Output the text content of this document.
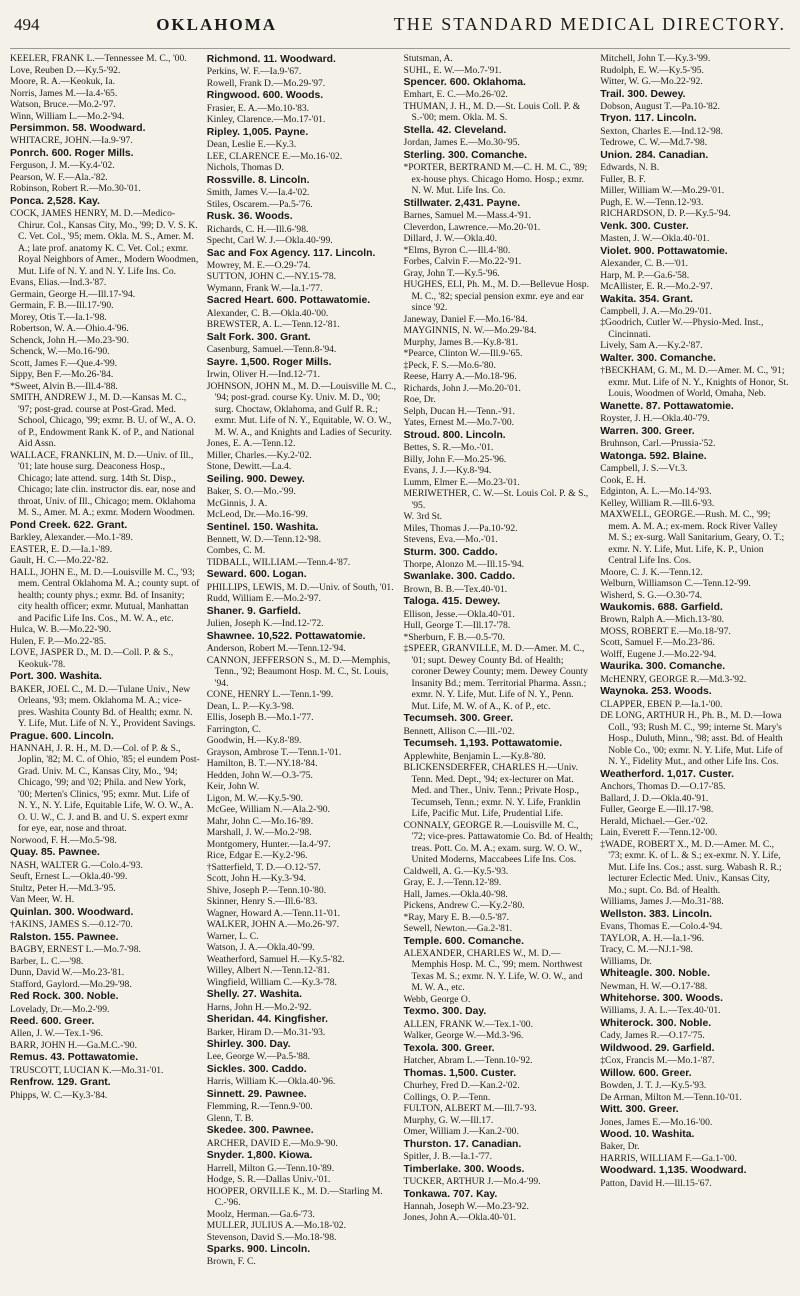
494	OKLAHOMA	THE STANDARD MEDICAL DIRECTORY.

KEELER, FRANK L.—Tennessee M. C., '00.

Love, Reuben D.—Ky.5-'92.

Moore, R. A.—Keokuk, Ia.

Norris, James M.—Ia.4-'65.

Watson, Bruce.—Mo.2-'97.

Winn, William L.—Mo.2-'94.

Persimmon. 58. Woodward.

WHITACRE, JOHN.—Ia.9-'97.

Ponrch. 600. Roger Mills.

Ferguson, J. M.—Ky.4-'02.

Pearson, W. F.—Ala.-'82.

Robinson, Robert R.—Mo.30-'01.

Ponca. 2,528. Kay.

COCK, JAMES HENRY, M. D.—Medico-Chirur. Col., Kansas City, Mo., '99; D. V. S. K. C. Vet. Col., '95; mem. Okla. M. S., Amer. M. A.; late prof. anatomy K. C. Vet. Col.; exmr. Royal Neighbors of Amer., Modern Woodmen, Mut. Life of N. Y. and N. Y. Life Ins. Co.

Evans, Elias.—Ind.3-'87.

Germain, George H.—Ill.17-'94.

Germain, F. B.—Ill.17-'90.

Morey, Otis T.—Ia.1-'98.

Robertson, W. A.—Ohio.4-'96.

Schenck, John H.—Mo.23-'90.

Schenck, W.—Mo.16-'90.

Scott, James F.—Que.4-'99.

Sippy, Ben F.—Mo.26-'84.

*Sweet, Alvin B.—Ill.4-'88.

SMITH, ANDREW J., M. D.—Kansas M. C., '97; post-grad. course at Post-Grad. Med. School, Chicago, '99; exmr. B. U. of W., A. O. of P., Endowment Rank K. of P., and National Aid Assn.

WALLACE, FRANKLIN, M. D.—Univ. of Ill., '01; late house surg. Deaconess Hosp., Chicago; late attend. surg. 14th St. Disp., Chicago; late clin. instructor dis. ear, nose and throat, Univ. of Ill., Chicago; mem. Oklahoma M. S., Amer. M. A.; exmr. Modern Woodmen.

Pond Creek. 622. Grant.

Barkley, Alexander.—Mo.1-'89.

EASTER, E. D.—Ia.1-'89.

Gault, H. C.—Mo.22-'82.

HALL, JOHN E., M. D.—Louisville M. C., '93; mem. Central Oklahoma M. A.; county supt. of health; county phys.; exmr. Bd. of Insanity; city health officer; exmr. Mutual, Manhattan and Pacific Life Ins. Cos., M. W. A., etc.

Hulca, W. B.—Mo.22-'90.

Hulen, F. P.—Mo.22-'85.

LOVE, JASPER D., M. D.—Coll. P. & S., Keokuk-'78.

Port. 300. Washita.

BAKER, JOEL C., M. D.—Tulane Univ., New Orleans, '93; mem. Oklahoma M. A.; vice-pres. Washita County Bd. of Health; exmr. N. Y. Life, Mut. Life of N. Y., Provident Savings.

Prague. 600. Lincoln.

HANNAH, J. R. H., M. D.—Col. of P. & S., Joplin, '82; M. C. of Ohio, '85; el eundem Post-Grad. Univ. M. C., Kansas City, Mo., '94; Chicago, '99; and '02; Phila. and New York, '00; Merten's Clinics, '95; exmr. Mut. Life of N. Y., N. Y. Life, Equitable Life, W. O. W., A. O. U. W., C. J. and B. and U. S. expert exmr for eye, ear, nose and throat.

Norwood, F. H.—Mo.5-'98.

Quay. 85. Pawnee.

NASH, WALTER G.—Colo.4-'93.

Seuft, Ernest L.—Okla.40-'99.

Stultz, Peter H.—Md.3-'95.

Van Meer, W. H.

Quinlan. 300. Woodward.

†AKINS, JAMES S.—0.12-'70.

Ralston. 155. Pawnee.

BAGBY, ERNEST L.—Mo.7-'98.

Barber, L. C.—'98.

Dunn, David W.—Mo.23-'81.

Stafford, Gaylord.—Mo.29-'98.

Red Rock. 300. Noble.

Lovelady, Dr.—Mo.2-'99.

Reed. 600. Greer.

Allen, J. W.—Tex.1-'96.

BARR, JOHN H.—Ga.M.C.-'90.

Remus. 43. Pottawatomie.

TRUSCOTT, LUCIAN K.—Mo.31-'01.

Renfrow. 129. Grant.

Phipps, W. C.—Ky.3-'84.

Richmond. 11. Woodward.

Perkins, W. F.—Ia.9-'67.

Rowell, Frank D.—Mo.29-'97.

Ringwood. 600. Woods.

Frasier, E. A.—Mo.10-'83.

Kinley, Clarence.—Mo.17-'01.

Ripley. 1,005. Payne.

Dean, Leslie E.—Ky.3.

LEE, CLARENCE E.—Mo.16-'02.

Nichols, Thomas D.

Rossville. 8. Lincoln.

Smith, James V.—Ia.4-'02.

Stiles, Oscarem.—Pa.5-'76.

Rusk. 36. Woods.

Richards, C. H.—Ill.6-'98.

Specht, Carl W. J.—Okla.40-'99.

Sac and Fox Agency. 117. Lincoln.

Mowrey, M. E.—O.29-'74.

SUTTON, JOHN C.—NY.15-'78.

Wymann, Frank W.—Ia.1-'77.

Sacred Heart. 600. Pottawatomie.

Alexander, C. B.—Okla.40-'00.

BREWSTER, A. L.—Tenn.12-'81.

Salt Fork. 300. Grant.

Casenburg, Samuel.—Tenn.8-'94.

Sayre. 1,500. Roger Mills.

Irwin, Oliver H.—Ind.12-'71.

JOHNSON, JOHN M., M. D.—Louisville M. C., '94; post-grad. course Ky. Univ. M. D., '00; surg. Choctaw, Oklahoma, and Gulf R. R.; exmr. Mut. Life of N. Y., Equitable, W. O. W., M. W. A., and Knights and Ladies of Security.

Jones, E. A.—Tenn.12.

Miller, Charles.—Ky.2-'02.

Stone, Dewitt.—La.4.

Seiling. 900. Dewey.

Baker, S. O.—Mo.-'99.

McGinnis, J. A.

McLeod, Dr.—Mo.16-'99.

Sentinel. 150. Washita.

Bennett, W. D.—Tenn.12-'98.

Combes, C. M.

TIDBALL, WILLIAM.—Tenn.4-'87.

Seward. 600. Logan.

PHILLIPS, LEWIS, M. D.—Univ. of South, '01.

Rudd, William E.—Mo.2-'97.

Shaner. 9. Garfield.

Julien, Joseph K.—Ind.12-'72.

Shawnee. 10,522. Pottawatomie.

Anderson, Robert M.—Tenn.12-'94.

CANNON, JEFFERSON S., M. D.—Memphis, Tenn., '92; Beaumont Hosp. M. C., St. Louis, '94.

CONE, HENRY L.—Tenn.1-'99.

Dean, L. P.—Ky.3-'98.

Ellis, Joseph B.—Mo.1-'77.

Farrington, C.

Goodwin, H.—Ky.8-'89.

Grayson, Ambrose T.—Tenn.1-'01.

Hamilton, B. T.—NY.18-'84.

Hedden, John W.—O.3-'75.

Keir, John W.

Ligon, M. W.—Ky.5-'90.

McGee, William N.—Ala.2-'90.

Mahr, John C.—Mo.16-'89.

Marshall, J. W.—Mo.2-'98.

Montgomery, Hunter.—Ia.4-'97.

Rice, Edgar E.—Ky.2-'96.

†Satterfield, T. D.—O.12-'57.

Scott, John H.—Ky.3-'94.

Shive, Joseph P.—Tenn.10-'80.

Skinner, Henry S.—Ill.6-'83.

Wagner, Howard A.—Tenn.11-'01.

WALKER, JOHN A.—Mo.26-'97.

Warner, L. C.

Watson, J. A.—Okla.40-'99.

Weatherford, Samuel H.—Ky.5-'82.

Willey, Albert N.—Tenn.12-'81.

Wingfield, William C.—Ky.3-'78.

Shelly. 27. Washita.

Harns, John H.—Mo.2-'92.

Sheridan. 44. Kingfisher.

Barker, Hiram D.—Mo.31-'93.

Shirley. 300. Day.

Lee, George W.—Pa.5-'88.

Sickles. 300. Caddo.

Harris, William K.—Okla.40-'96.

Sinnett. 29. Pawnee.

Flemming, R.—Tenn.9-'00.

Glenn, T. B.

Skedee. 300. Pawnee.

ARCHER, DAVID E.—Mo.9-'90.

Snyder. 1,800. Kiowa.

Harrell, Milton G.—Tenn.10-'89.

Hodge, S. R.—Dallas Univ.-'01.

HOOPER, ORVILLE K., M. D.—Starling M. C.-'96.

Moolz, Herman.—Ga.6-'73.

MULLER, JULIUS A.—Mo.18-'02.

Stevenson, David S.—Mo.18-'98.

Sparks. 900. Lincoln.

Brown, F. C.

Stutsman, A.

SUHL, E. W.—Mo.7-'91.

Spencer. 600. Oklahoma.

Emhart, E. C.—Mo.26-'02.

THUMAN, J. H., M. D.—St. Louis Coll. P. & S.-'00; mem. Okla. M. S.

Stella. 42. Cleveland.

Jordan, James E.—Mo.30-'95.

Sterling. 300. Comanche.

*PORTER, BERTRAND M.—C. H. M. C., '89; ex-house phys. Chicago Homo. Hosp.; exmr. N. W. Mut. Life Ins. Co.

Stillwater. 2,431. Payne.

Barnes, Samuel M.—Mass.4-'91.

Cleverdon, Lawrence.—Mo.20-'01.

Dillard, J. W.—Okla.40.

*Elms, Byron C.—Ill.4-'80.

Forbes, Calvin F.—Mo.22-'91.

Gray, John T.—Ky.5-'96.

HUGHES, ELI, Ph. M., M. D.—Bellevue Hosp. M. C., '82; special pension exmr. eye and ear since '92.

Janeway, Daniel F.—Mo.16-'84.

MAYGINNIS, N. W.—Mo.29-'84.

Murphy, James B.—Ky.8-'81.

*Pearce, Clinton W.—Ill.9-'65.

‡Peck, F. S.—Mo.6-'80.

Reese, Harry A.—Mo.18-'96.

Richards, John J.—Mo.20-'01.

Roe, Dr.

Selph, Ducan H.—Tenn.-'91.

Yates, Ernest M.—Mo.7-'00.

Stroud. 800. Lincoln.

Bettes, S. R.—Mo.-'01.

Billy, John F.—Mo.25-'96.

Evans, J. J.—Ky.8-'94.

Lumm, Elmer E.—Mo.23-'01.

MERIWETHER, C. W.—St. Louis Col. P. & S., '95.

W. 3rd St.

Miles, Thomas J.—Pa.10-'92.

Stevens, Eva.—Mo.-'01.

Sturm. 300. Caddo.

Thorpe, Alonzo M.—Ill.15-'94.

Swanlake. 300. Caddo.

Brown, B. B.—Tex.40-'01.

Taloga. 415. Dewey.

Ellison, Jesse.—Okla.40-'01.

Hull, George T.—Ill.17-'78.

*Sherburn, F. B.—0.5-'70.

‡SPEER, GRANVILLE, M. D.—Amer. M. C., '01; supt. Dewey County Bd. of Health; coroner Dewey County; mem. Dewey County Insanity Bd.; mem. Territorial Pharma. Assn.; exmr. N. Y. Life, Mut. Life of N. Y., Penn. Mut. Life, M. W. of A., K. of P., etc.

Tecumseh. 300. Greer.

Bennett, Allison C.—Ill.-'02.

Tecumseh. 1,193. Pottawatomie.

Applewhite, Benjamin L.—Ky.8-'80.

BLICKENSDERFER, CHARLES H.—Univ. Tenn. Med. Dept., '94; ex-lecturer on Mat. Med. and Ther., Univ. Tenn.; Private Hosp., Tecumseh, Tenn.; exmr. N. Y. Life, Franklin Life, Pacific Mut. Life, Prudential Life.

CONNALY, GEORGE R.—Louisville M. C., '72; vice-pres. Pattawatomie Co. Bd. of Health; treas. Pott. Co. M. A.; exam. surg. W. O. W., United Moderns, Maccabees Life Ins. Cos.

Caldwell, A. G.—Ky.5-'93.

Gray, E. J.—Tenn.12-'89.

Hall, James.—Okla.40-'98.

Pickens, Andrew C.—Ky.2-'80.

*Ray, Mary E. B.—0.5-'87.

Sewell, Newton.—Ga.2-'81.

Temple. 600. Comanche.

ALEXANDER, CHARLES W., M. D.—Memphis Hosp. M. C., '99; mem. Northwest Texas M. S.; exmr. N. Y. Life, W. O. W., and M. W. A., etc.

Webb, George O.

Texmo. 300. Day.

ALLEN, FRANK W.—Tex.1-'00.

Walker, George W.—Md.3-'96.

Texola. 300. Greer.

Hatcher, Abram L.—Tenn.10-'92.

Thomas. 1,500. Custer.

Churhey, Fred D.—Kan.2-'02.

Collings, O. P.—Tenn.

FULTON, ALBERT M.—Ill.7-'93.

Murphy, G. W.—Ill.17.

Omer, William J.—Kan.2-'00.

Thurston. 17. Canadian.

Spitler, J. B.—Ia.1-'77.

Timberlake. 300. Woods.

TUCKER, ARTHUR J.—Mo.4-'99.

Tonkawa. 707. Kay.

Hannah, Joseph W.—Mo.23-'92.

Jones, John A.—Okla.40-'01.

Mitchell, John T.—Ky.3-'99.

Rudolph, E. W.—Ky.5-'95.

Witter, W. G.—Mo.22-'92.

Trail. 300. Dewey.

Dobson, August T.—Pa.10-'82.

Tryon. 117. Lincoln.

Sexton, Charles E.—Ind.12-'98.

Tedrowe, C. W.—Md.7-'98.

Union. 284. Canadian.

Edwards, N. B.

Fuller, B. F.

Miller, William W.—Mo.29-'01.

Pugh, E. W.—Tenn.12-'93.

RICHARDSON, D. P.—Ky.5-'94.

Venk. 300. Custer.

Masten, J. W.—Okla.40-'01.

Violet. 900. Pottawatomie.

Alexander, C. B.—'01.

Harp, M. P.—Ga.6-'58.

McAllister, E. R.—Mo.2-'97.

Wakita. 354. Grant.

Campbell, J. A.—Mo.29-'01.

‡Goodrich, Cutler W.—Physio-Med. Inst., Cincinnati.

Lively, Sam A.—Ky.2-'87.

Walter. 300. Comanche.

†BECKHAM, G. M., M. D.—Amer. M. C., '91; exmr. Mut. Life of N. Y., Knights of Honor, St. Louis, Woodmen of World, Omaha, Neb.

Wanette. 87. Pottawatomie.

Royster, J. H.—Okla.40-'79.

Warren. 300. Greer.

Bruhnson, Carl.—Prussia-'52.

Watonga. 592. Blaine.

Campbell, J. S.—Vt.3.

Cook, E. H.

Edginton, A. L.—Mo.14-'93.

Kelley, William R.—Ill.6-'93.

MAXWELL, GEORGE.—Rush. M. C., '99; mem. A. M. A.; ex-mem. Rock River Valley M. S.; ex-surg. Wall Sanitarium, Geary, O. T.; exmr. N. Y. Life, Mut. Life, K. P., Union Central Life Ins. Cos.

Moore, C. J. K.—Tenn.12.

Welburn, Williamson C.—Tenn.12-'99.

Wisherd, S. G.—O.30-'74.

Waukomis. 688. Garfield.

Brown, Ralph A.—Mich.13-'80.

MOSS, ROBERT E.—Mo.18-'97.

Scott, Samuel F.—Mo.23-'86.

Wolff, Eugene J.—Mo.22-'94.

Waurika. 300. Comanche.

McHENRY, GEORGE R.—Md.3-'92.

Waynoka. 253. Woods.

CLAPPER, EBEN P.—Ia.1-'00.

DE LONG, ARTHUR H., Ph. B., M. D.—Iowa Coll., '93; Rush M. C., '99; interne St. Mary's Hosp., Duluth, Minn., '98; asst. Bd. of Health Noble Co., '00; exmr. N. Y. Life, Mut. Life of N. Y., Fidelity Mut., and other Life Ins. Cos.

Weatherford. 1,017. Custer.

Anchors, Thomas D.—O.17-'85.

Ballard, J. D.—Okla.40-'91.

Fuller, George E.—Ill.17-'98.

Herald, Michael.—Ger.-'02.

Lain, Everett F.—Tenn.12-'00.

‡WADE, ROBERT X., M. D.—Amer. M. C., '73; exmr. K. of L. & S.; ex-exmr. N. Y. Life, Mut. Life Ins. Cos.; asst. surg. Wabash R. R.; lecturer Eclectic Med. Univ., Kansas City, Mo.; supt. Co. Bd. of Health.

Williams, James J.—Mo.31-'88.

Wellston. 383. Lincoln.

Evans, Thomas E.—Colo.4-'94.

TAYLOR, A. H.—Ia.1-'96.

Tracy, C. M.—NJ.1-'98.

Williams, Dr.

Whiteagle. 300. Noble.

Newman, H. W.—O.17-'88.

Whitehorse. 300. Woods.

Williams, J. A. L.—Tex.40-'01.

Whiterock. 300. Noble.

Cady, James R.—O.17-'75.

Wildwood. 29. Garfield.

‡Cox, Francis M.—Mo.1-'87.

Willow. 600. Greer.

Bowden, J. T. J.—Ky.5-'93.

De Arman, Milton M.—Tenn.10-'01.

Witt. 300. Greer.

Jones, James E.—Mo.16-'00.

Wood. 10. Washita.

Baker, Dr.

HARRIS, WILLIAM F.—Ga.1-'00.

Woodward. 1,135. Woodward.

Patton, David H.—Ill.15-'67.
